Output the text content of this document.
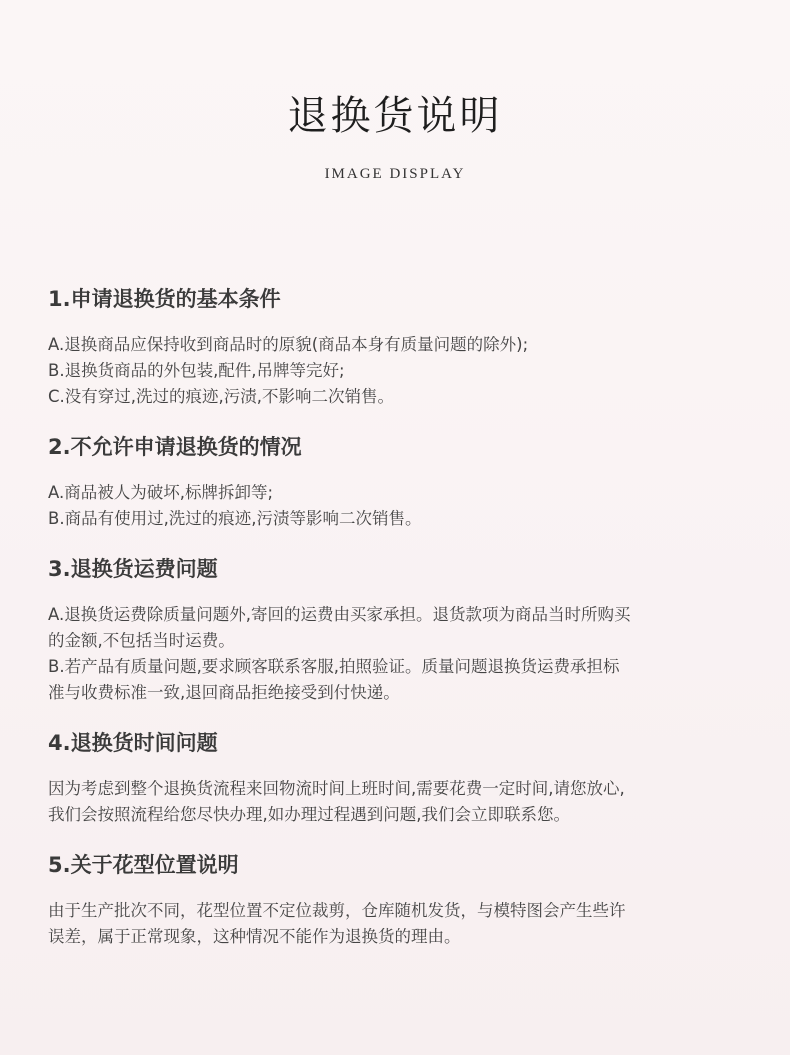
退换货说明
IMAGE DISPLAY
1.申请退换货的基本条件

A.退换商品应保持收到商品时的原貌(商品本身有质量问题的除外);

B.退换货商品的外包装,配件,吊牌等完好;

C.没有穿过,洗过的痕迹,污渍,不影响二次销售。

2.不允许申请退换货的情况

A.商品被人为破坏,标牌拆卸等;

B.商品有使用过,洗过的痕迹,污渍等影响二次销售。

3.退换货运费问题

A.退换货运费除质量问题外,寄回的运费由买家承担。退货款项为商品当时所购买

的金额,不包括当时运费。

B.若产品有质量问题,要求顾客联系客服,拍照验证。质量问题退换货运费承担标

准与收费标准一致,退回商品拒绝接受到付快递。

4.退换货时间问题

因为考虑到整个退换货流程来回物流时间上班时间,需要花费一定时间,请您放心,

我们会按照流程给您尽快办理,如办理过程遇到问题,我们会立即联系您。

5.关于花型位置说明

由于生产批次不同，花型位置不定位裁剪，仓库随机发货，与模特图会产生些许

误差，属于正常现象，这种情况不能作为退换货的理由。
